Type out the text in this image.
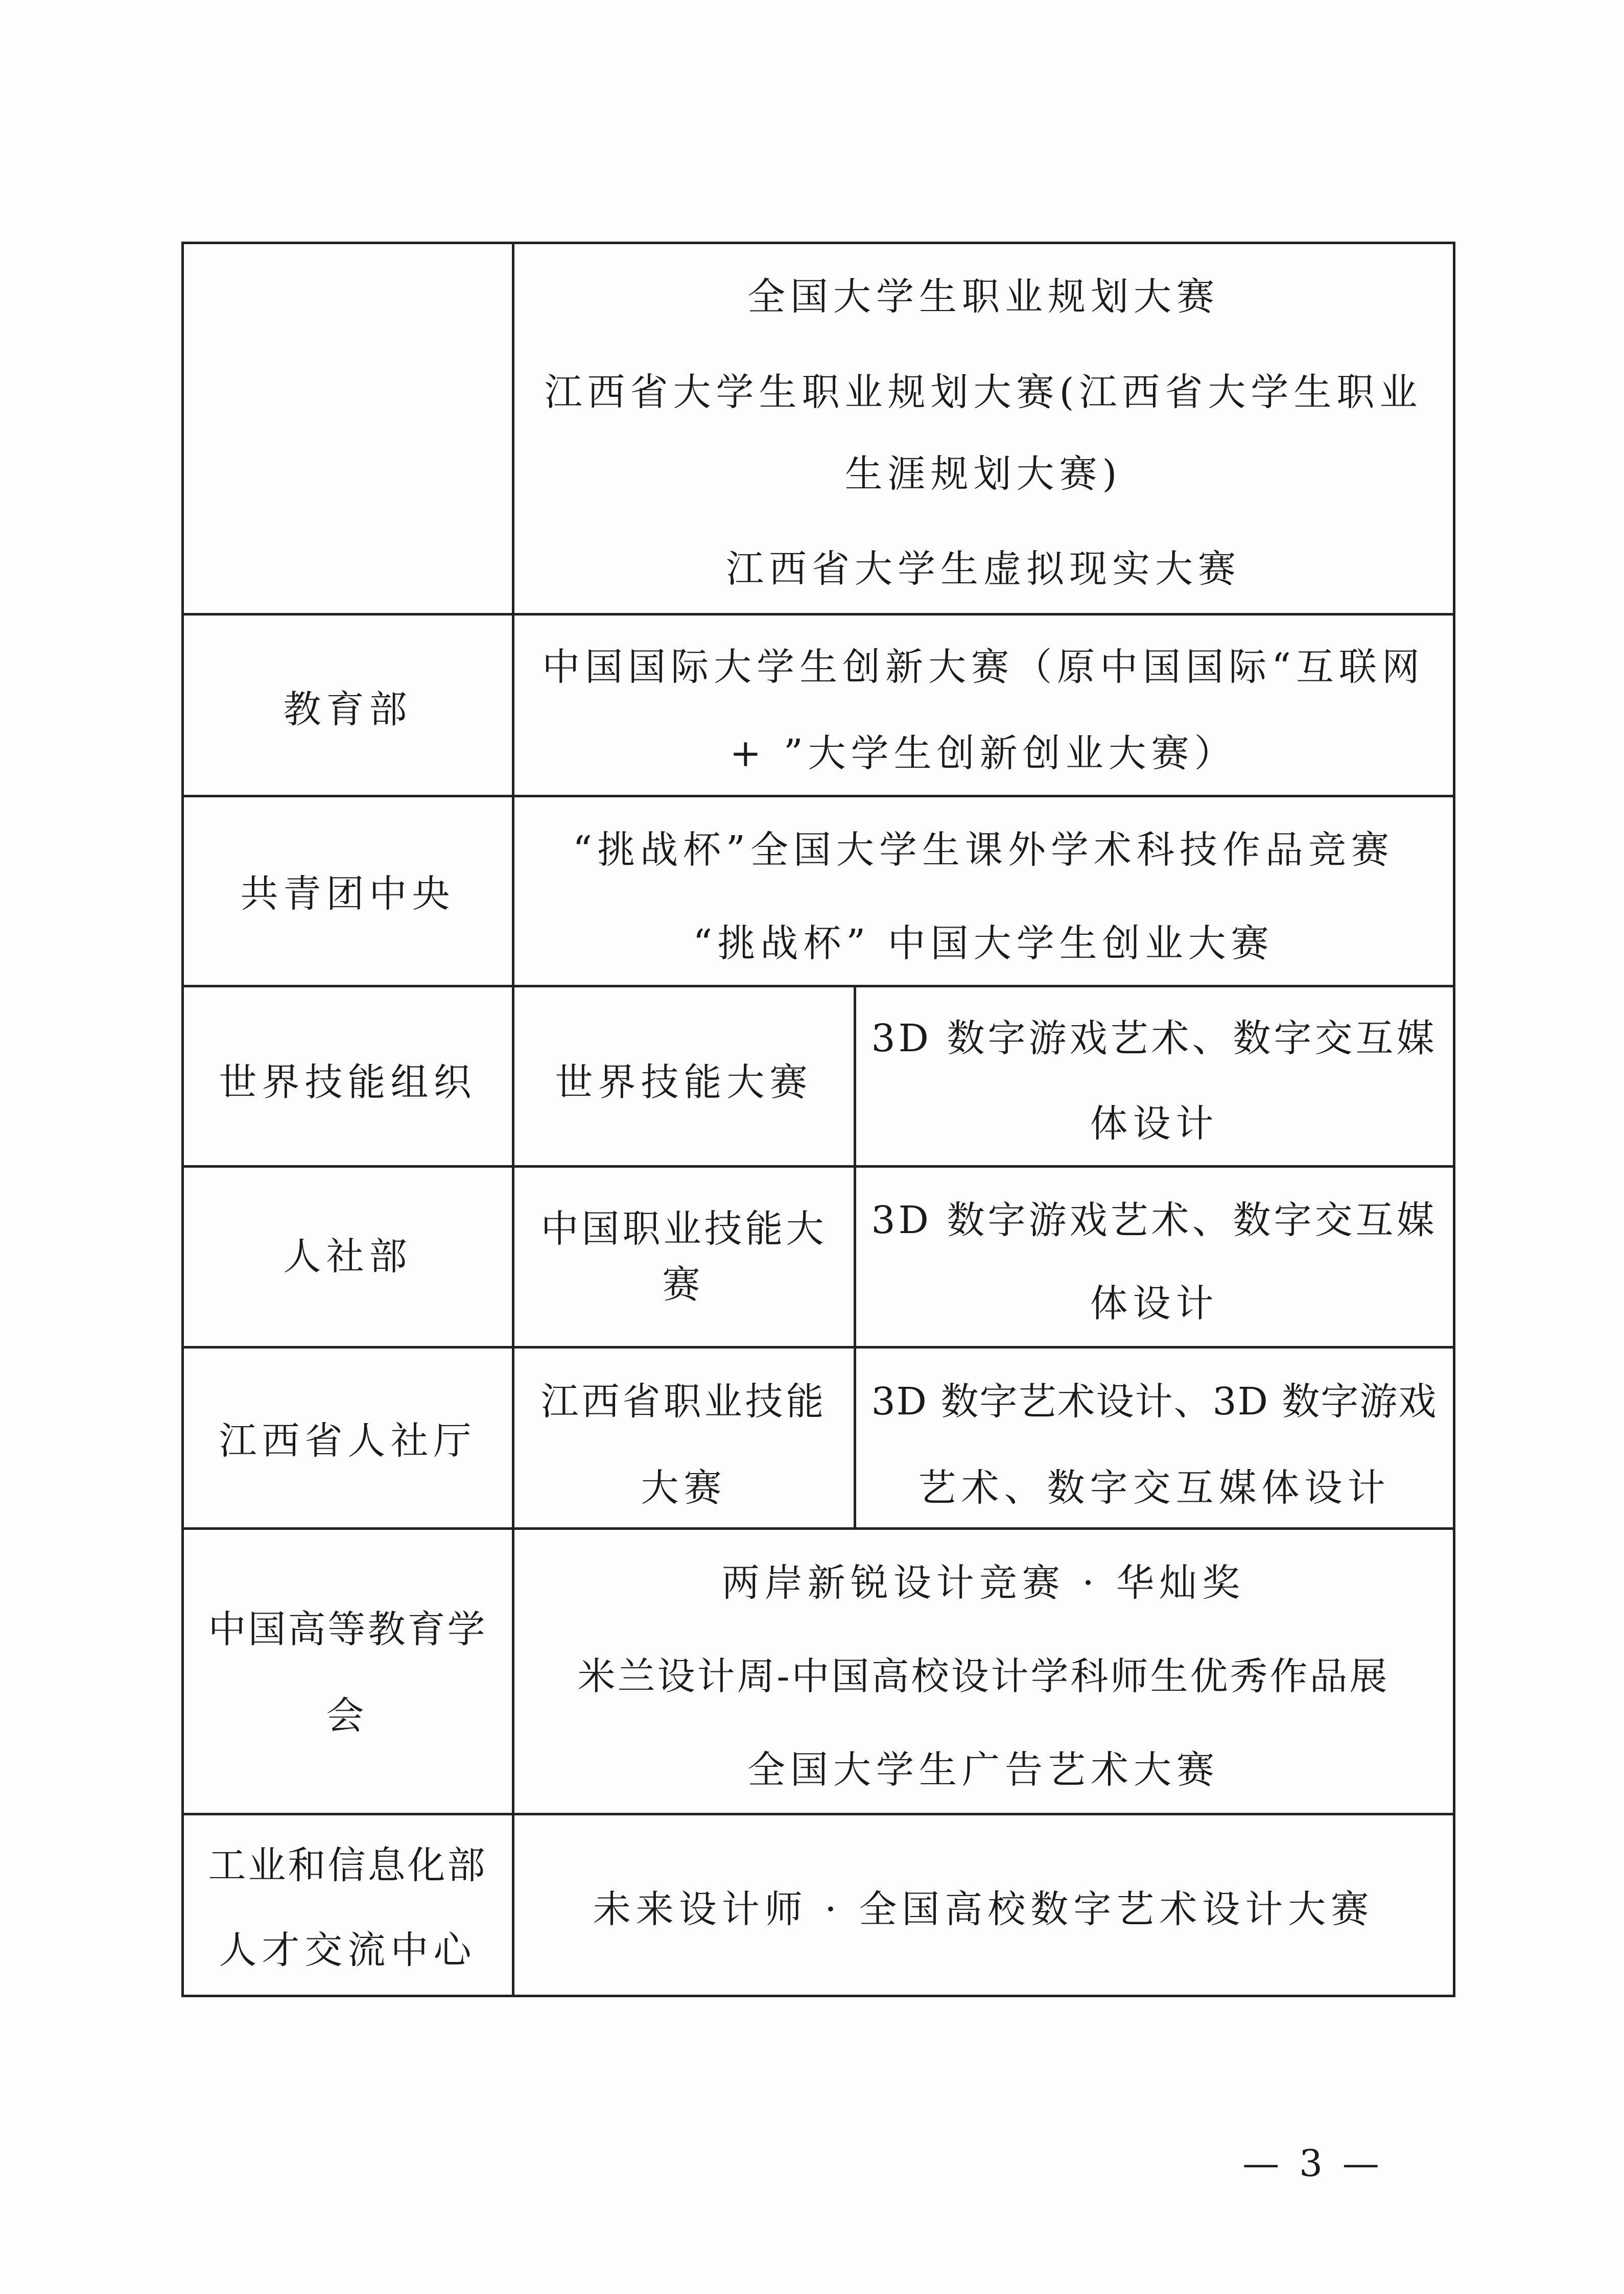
全国大学生职业规划大赛
江西省大学生职业规划大赛(江西省大学生职业
生涯规划大赛)
江西省大学生虚拟现实大赛
教育部
中国国际大学生创新大赛（原中国国际“互联网
+ ”大学生创新创业大赛）
共青团中央
“挑战杯”全国大学生课外学术科技作品竞赛
“挑战杯” 中国大学生创业大赛
世界技能组织	世界技能大赛
3D 数字游戏艺术、数字交互媒
体设计
人社部
中国职业技能大
赛
3D 数字游戏艺术、数字交互媒
体设计
江西省人社厅
江西省职业技能
大赛
3D 数字艺术设计、3D 数字游戏
艺术、数字交互媒体设计
中国高等教育学
会
两岸新锐设计竞赛 · 华灿奖
米兰设计周-中国高校设计学科师生优秀作品展
全国大学生广告艺术大赛
工业和信息化部
人才交流中心
未来设计师 · 全国高校数字艺术设计大赛
— 3 —
